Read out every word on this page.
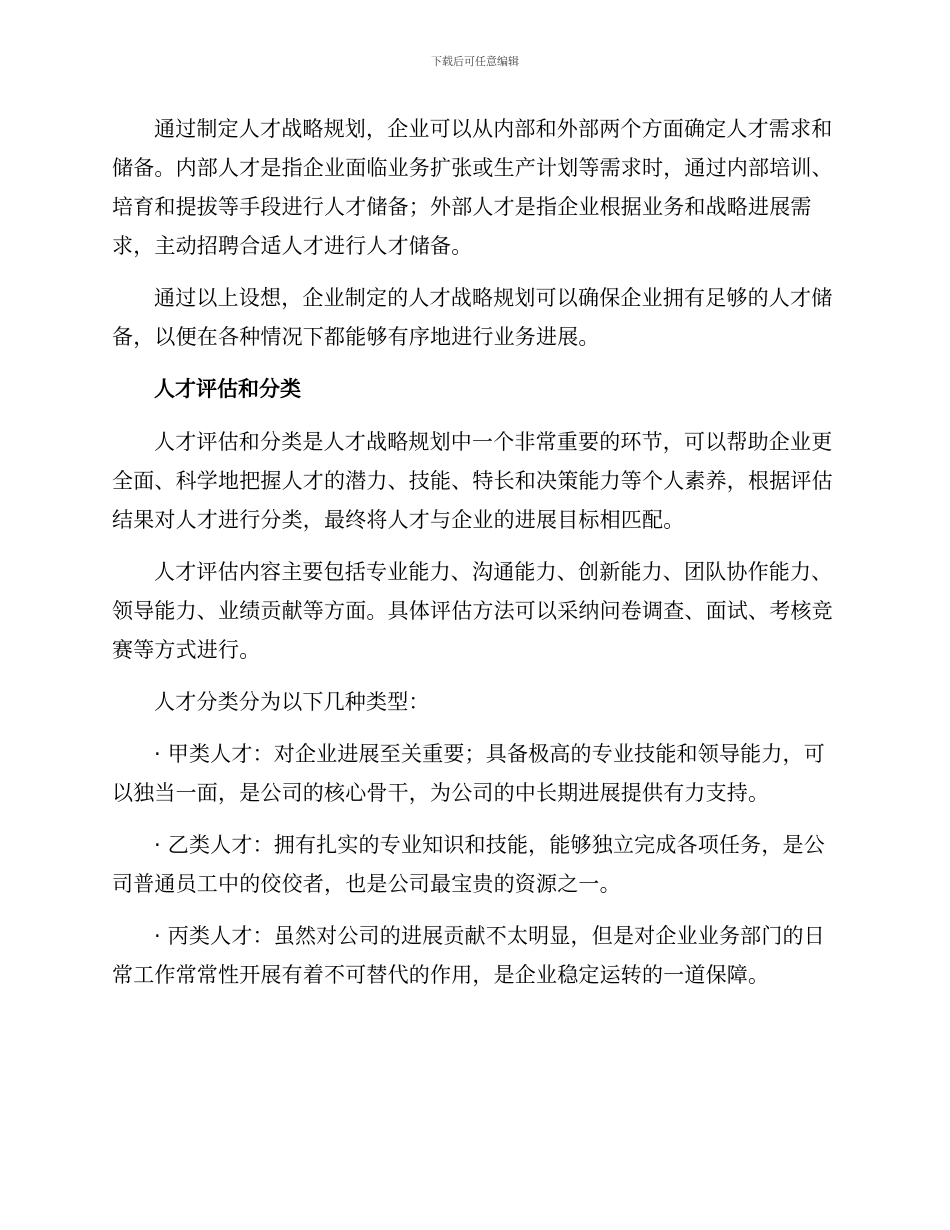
下载后可任意编辑

通过制定人才战略规划，企业可以从内部和外部两个方面确定人才需求和储备。内部人才是指企业面临业务扩张或生产计划等需求时，通过内部培训、培育和提拔等手段进行人才储备；外部人才是指企业根据业务和战略进展需求，主动招聘合适人才进行人才储备。

通过以上设想，企业制定的人才战略规划可以确保企业拥有足够的人才储备，以便在各种情况下都能够有序地进行业务进展。

人才评估和分类

人才评估和分类是人才战略规划中一个非常重要的环节，可以帮助企业更全面、科学地把握人才的潜力、技能、特长和决策能力等个人素养，根据评估结果对人才进行分类，最终将人才与企业的进展目标相匹配。

人才评估内容主要包括专业能力、沟通能力、创新能力、团队协作能力、领导能力、业绩贡献等方面。具体评估方法可以采纳问卷调查、面试、考核竞赛等方式进行。

人才分类分为以下几种类型：

· 甲类人才：对企业进展至关重要；具备极高的专业技能和领导能力，可以独当一面，是公司的核心骨干，为公司的中长期进展提供有力支持。

· 乙类人才：拥有扎实的专业知识和技能，能够独立完成各项任务，是公司普通员工中的佼佼者，也是公司最宝贵的资源之一。

· 丙类人才：虽然对公司的进展贡献不太明显，但是对企业业务部门的日常工作常常性开展有着不可替代的作用，是企业稳定运转的一道保障。
